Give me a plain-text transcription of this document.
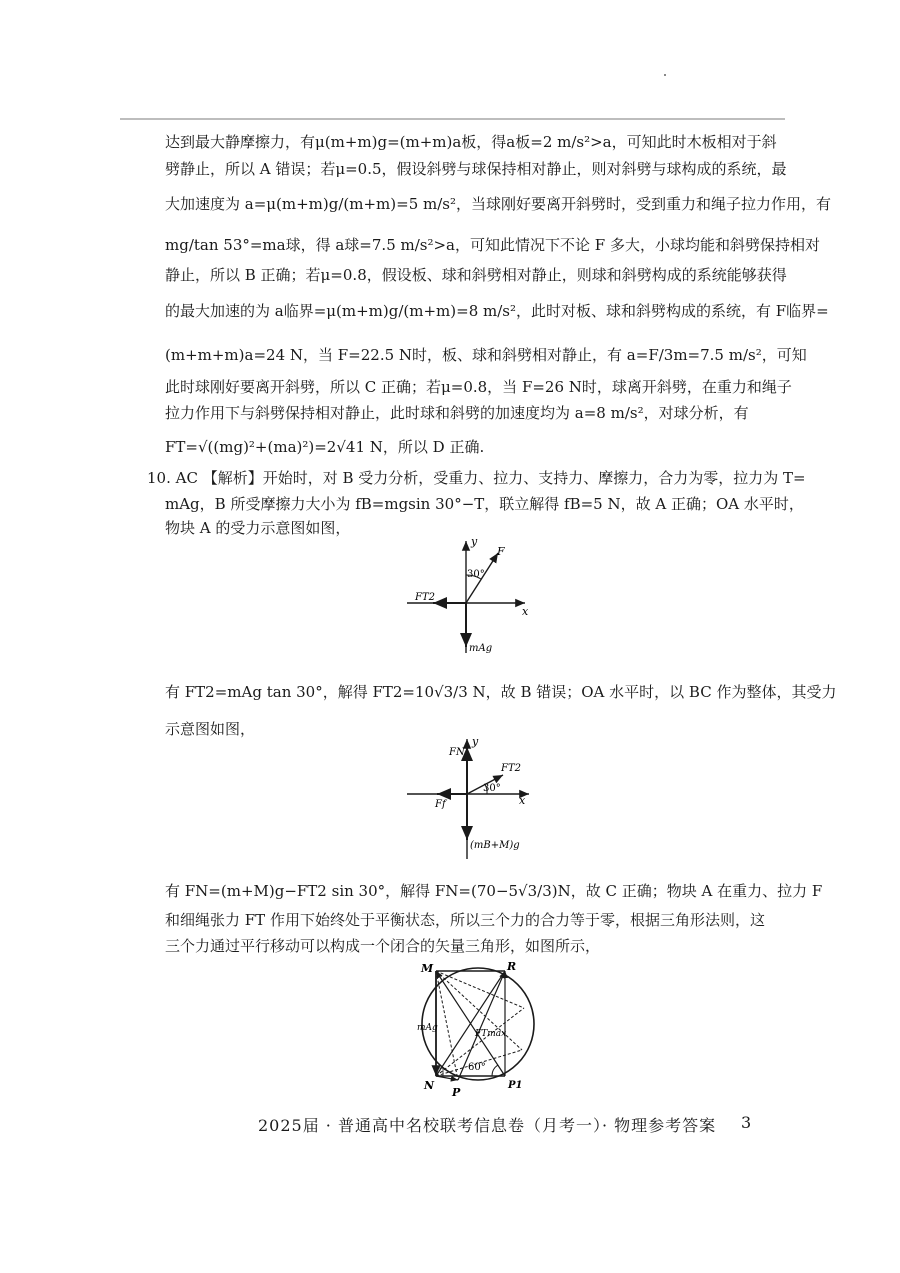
达到最大静摩擦力，有μ(m+m)g=(m+m)a板，得a板=2 m/s²>a，可知此时木板相对于斜
劈静止，所以 A 错误；若μ=0.5，假设斜劈与球保持相对静止，则对斜劈与球构成的系统，最
大加速度为 a=μ(m+m)g/(m+m)=5 m/s²，当球刚好要离开斜劈时，受到重力和绳子拉力作用，有
mg/tan 53°=ma球，得 a球=7.5 m/s²>a，可知此情况下不论 F 多大，小球均能和斜劈保持相对
静止，所以 B 正确；若μ=0.8，假设板、球和斜劈相对静止，则球和斜劈构成的系统能够获得
的最大加速的为 a临界=μ(m+m)g/(m+m)=8 m/s²，此时对板、球和斜劈构成的系统，有 F临界=
(m+m+m)a=24 N，当 F=22.5 N时，板、球和斜劈相对静止，有 a=F/3m=7.5 m/s²，可知
此时球刚好要离开斜劈，所以 C 正确；若μ=0.8，当 F=26 N时，球离开斜劈，在重力和绳子
拉力作用下与斜劈保持相对静止，此时球和斜劈的加速度均为 a=8 m/s²，对球分析，有
FT=√((mg)²+(ma)²)=2√41 N，所以 D 正确.
10. AC 【解析】开始时，对 B 受力分析，受重力、拉力、支持力、摩擦力，合力为零，拉力为 T=
mAg，B 所受摩擦力大小为 fB=mgsin 30°−T，联立解得 fB=5 N，故 A 正确；OA 水平时，
物块 A 的受力示意图如图，
y
x
30°
F
FT2
mAg
有 FT2=mAg tan 30°，解得 FT2=10√3/3 N，故 B 错误；OA 水平时，以 BC 作为整体，其受力
示意图如图，
y
x
FN
FT2
30°
Ff
(mB+M)g
有 FN=(m+M)g−FT2 sin 30°，解得 FN=(70−5√3/3)N，故 C 正确；物块 A 在重力、拉力 F
和细绳张力 FT 作用下始终处于平衡状态，所以三个力的合力等于零，根据三角形法则，这
三个力通过平行移动可以构成一个闭合的矢量三角形，如图所示，
M	R
N
P
P1
mAg
FTmax
60°
2025届 · 普通高中名校联考信息卷（月考一）· 物理参考答案 3
